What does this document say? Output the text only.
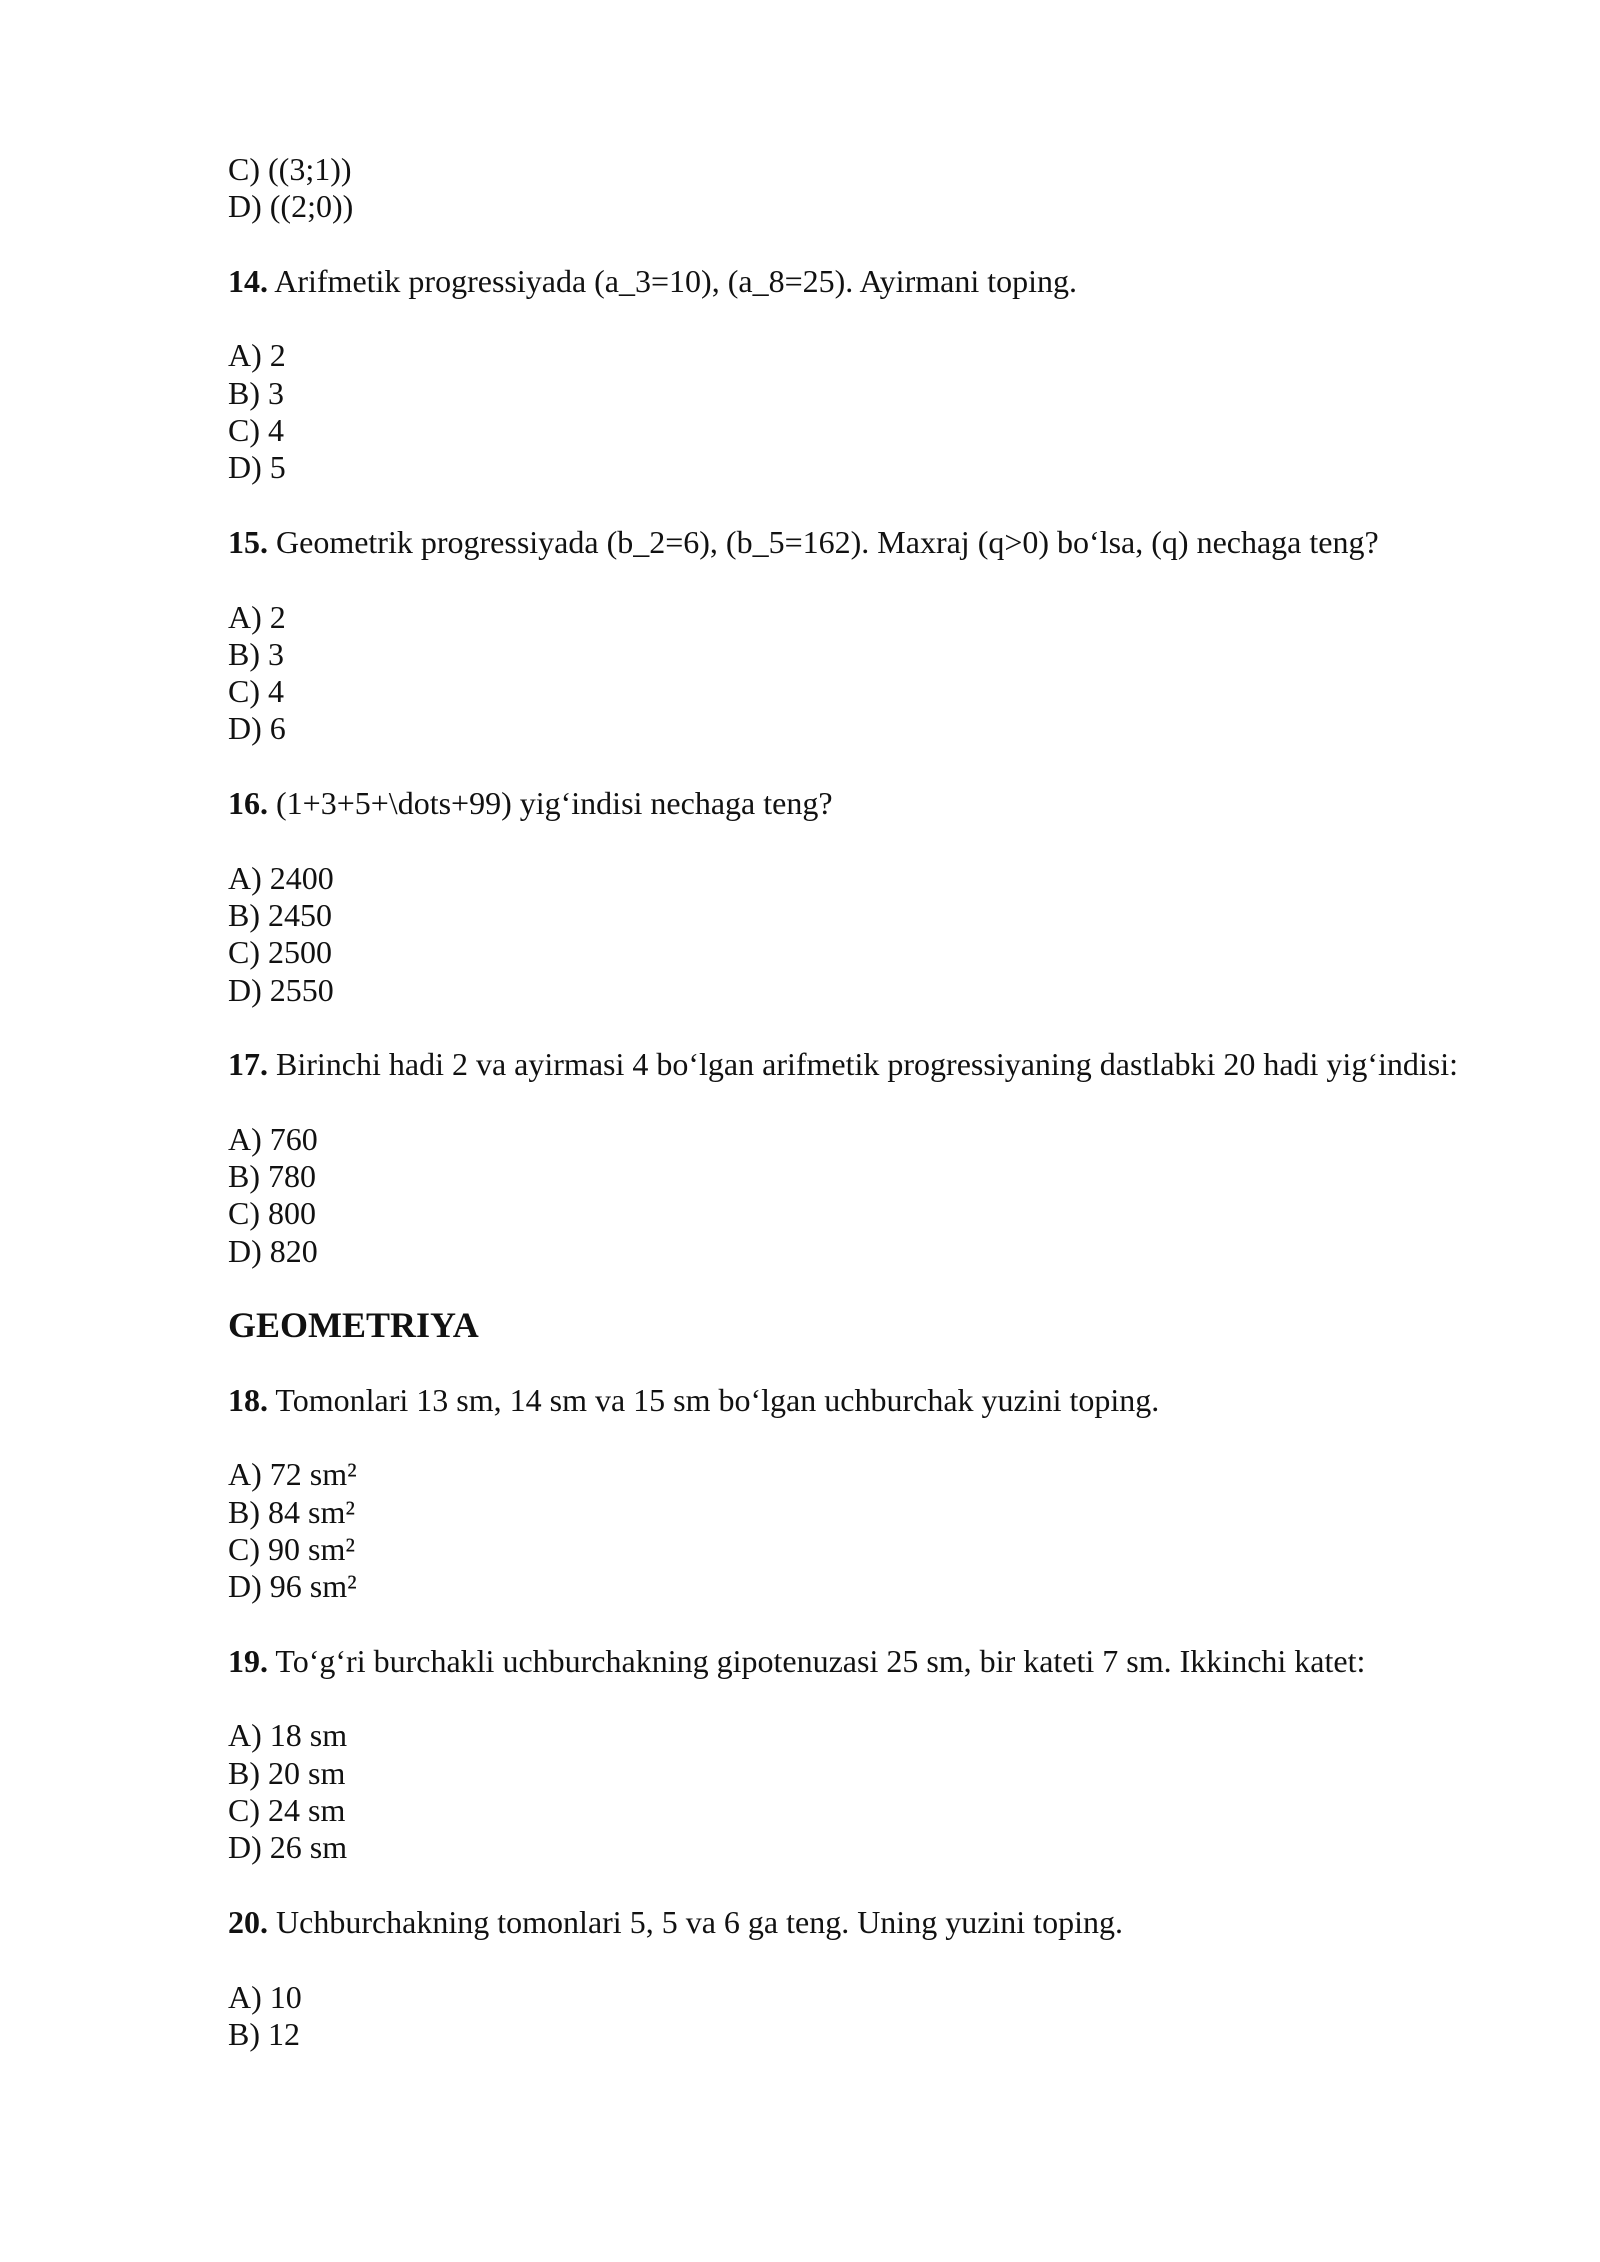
C) ((3;1))
D) ((2;0))
14. Arifmetik progressiyada (a_3=10), (a_8=25). Ayirmani toping.
A) 2
B) 3
C) 4
D) 5
15. Geometrik progressiyada (b_2=6), (b_5=162). Maxraj (q>0) bo‘lsa, (q) nechaga teng?
A) 2
B) 3
C) 4
D) 6
16. (1+3+5+\dots+99) yig‘indisi nechaga teng?
A) 2400
B) 2450
C) 2500
D) 2550
17. Birinchi hadi 2 va ayirmasi 4 bo‘lgan arifmetik progressiyaning dastlabki 20 hadi yig‘indisi:
A) 760
B) 780
C) 800
D) 820
GEOMETRIYA
18. Tomonlari 13 sm, 14 sm va 15 sm bo‘lgan uchburchak yuzini toping.
A) 72 sm²
B) 84 sm²
C) 90 sm²
D) 96 sm²
19. To‘g‘ri burchakli uchburchakning gipotenuzasi 25 sm, bir kateti 7 sm. Ikkinchi katet:
A) 18 sm
B) 20 sm
C) 24 sm
D) 26 sm
20. Uchburchakning tomonlari 5, 5 va 6 ga teng. Uning yuzini toping.
A) 10
B) 12
